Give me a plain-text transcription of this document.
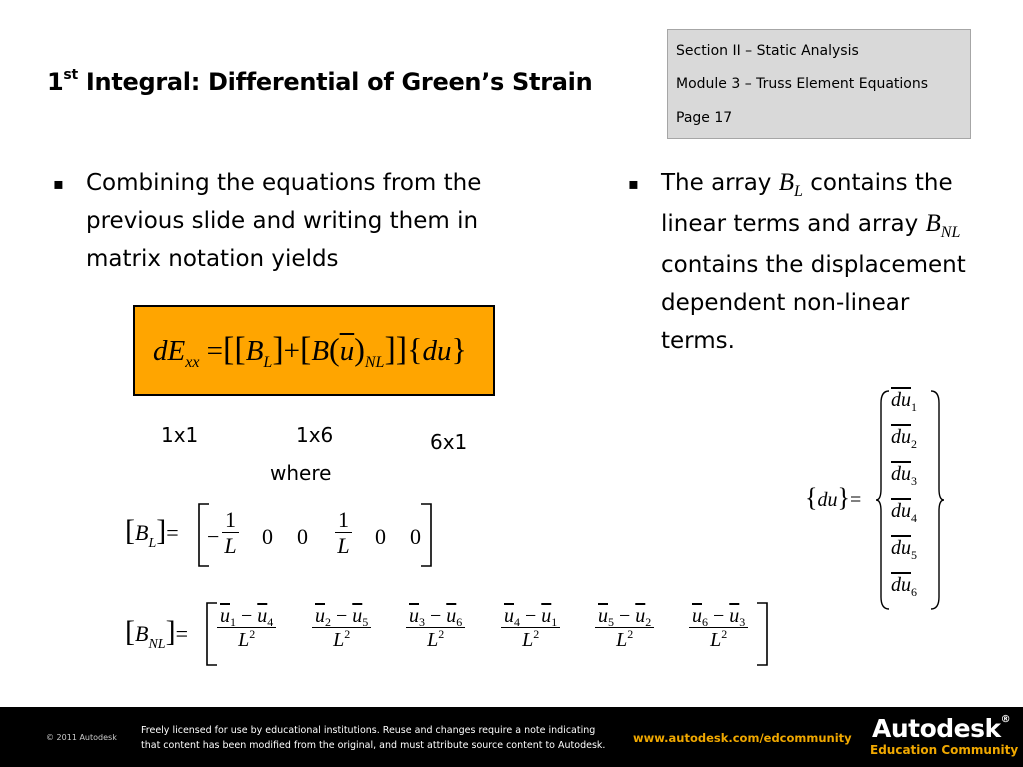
1st Integral: Differential of Green’s Strain
Section II – Static Analysis
Module 3 – Truss Element Equations
Page 17
▪ Combining the equations from the
previous slide and writing them in
matrix notation yields
▪ The array $B_L$ contains the
linear terms and array $B_{NL}$
contains the displacement
dependent non-linear
terms.
$dE_{xx} =[[B_L]+[B(\overline{u})_{NL}]]\{du\}$
1x1	1x6	6x1
where
$[B_L]= - \frac{1}{L} 0$ $0 \frac{1}{L} 0$ 0
$[B_{NL}]= \frac{\overline{u}_1 - \overline{u}_4}{L^2} \frac{\overline{u}_2 - \overline{u}_5}{L^2} \frac{\overline{u}_3 - \overline{u}_6}{L^2} \frac{\overline{u}_4 - \overline{u}_1}{L^2} \frac{\overline{u}_5 - \overline{u}_2}{L^2} \frac{\overline{u}_6 - \overline{u}_3}{L^2}$
{du}=
$\overline{du}_1$
$\overline{du}_2$
$\overline{du}_3$
$\overline{du}_4$
$\overline{du}_5$
$\overline{du}_6$
© 2011 Autodesk
Freely licensed for use by educational institutions. Reuse and changes require a note indicating
that content has been modified from the original, and must attribute source content to Autodesk.
www.autodesk.com/edcommunity Autodesk®
Education Community
